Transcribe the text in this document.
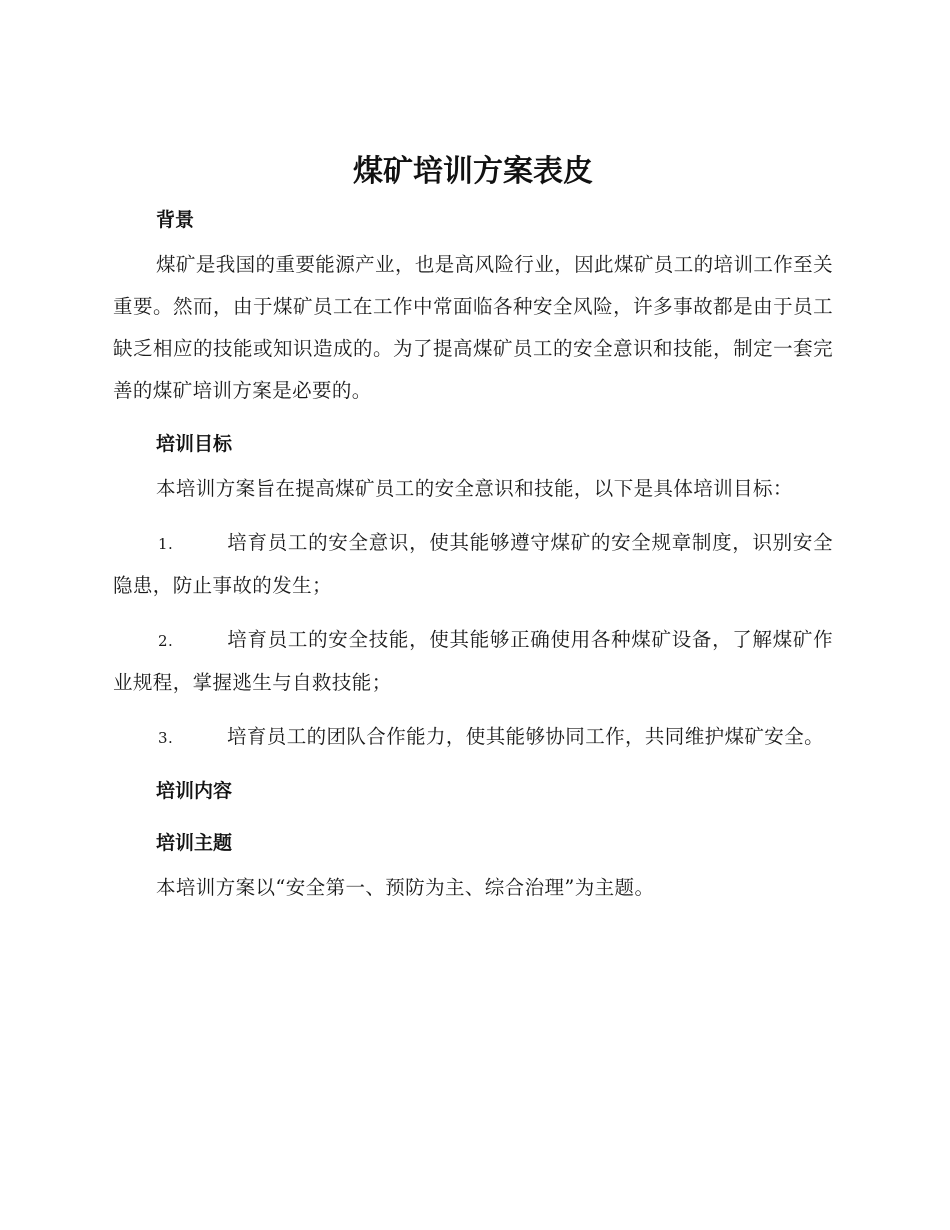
煤矿培训方案表皮
背景

煤矿是我国的重要能源产业，也是高风险行业，因此煤矿员工的培训工作至关重要。然而，由于煤矿员工在工作中常面临各种安全风险，许多事故都是由于员工缺乏相应的技能或知识造成的。为了提高煤矿员工的安全意识和技能，制定一套完善的煤矿培训方案是必要的。

培训目标

本培训方案旨在提高煤矿员工的安全意识和技能，以下是具体培训目标：

1.	培育员工的安全意识，使其能够遵守煤矿的安全规章制度，识别安全隐患，防止事故的发生；

2.	培育员工的安全技能，使其能够正确使用各种煤矿设备，了解煤矿作业规程，掌握逃生与自救技能；

3.	培育员工的团队合作能力，使其能够协同工作，共同维护煤矿安全。

培训内容
培训主题

本培训方案以“安全第一、预防为主、综合治理”为主题。
